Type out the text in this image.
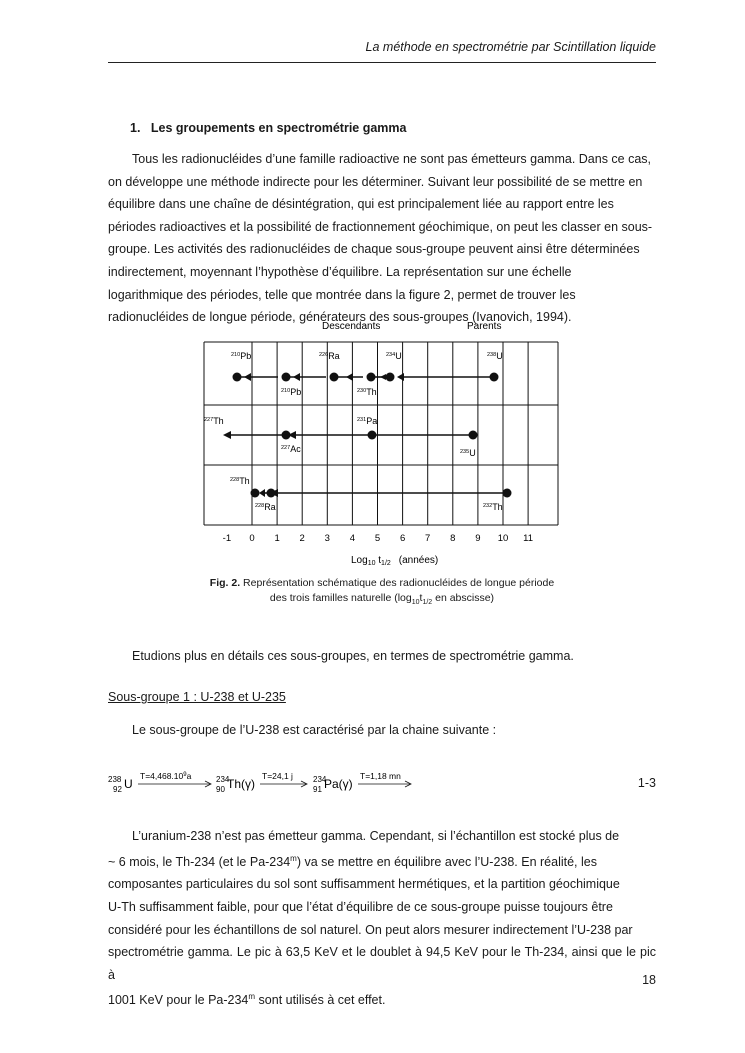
La méthode en spectrométrie par Scintillation liquide
1. Les groupements en spectrométrie gamma
Tous les radionucléides d’une famille radioactive ne sont pas émetteurs gamma. Dans ce cas,
on développe une méthode indirecte pour les déterminer. Suivant leur possibilité de se mettre en
équilibre dans une chaîne de désintégration, qui est principalement liée au rapport entre les
périodes radioactives et la possibilité de fractionnement géochimique, on peut les classer en sous-
groupe. Les activités des radionucléides de chaque sous-groupe peuvent ainsi être déterminées
indirectement, moyennant l’hypothèse d’équilibre. La représentation sur une échelle
logarithmique des périodes, telle que montrée dans la figure 2, permet de trouver les
radionucléides de longue période, générateurs des sous-groupes (Ivanovich, 1994).
Descendants	Parents
-1 0 1 2 3 4 5 6 7 8 9 10 11
Log$_{10}$ $t_{1/2}$ (années)
$^{210}$Pb	$^{226}$Ra	$^{234}$U	$^{238}$U
$^{210}$Pb	$^{230}$Th
$^{227}$Th	$^{231}$Pa
$^{227}$Ac	$^{235}$U
$^{228}$Th
$^{228}$Ra	$^{232}$Th
Fig. 2. Représentation schématique des radionucléides de longue période
des trois familles naturelle ($\log_{10}t_{1/2}$ en abscisse)
Etudions plus en détails ces sous-groupes, en termes de spectrométrie gamma.
Sous-groupe 1 : U-238 et U-235
Le sous-groupe de l’U-238 est caractérisé par la chaine suivante :
238
92 U
$T=4,468.10^9a$	234
90 Th(γ)
T=24,1 j	234
91 Pa(γ)
T=1,18 mn	1-3
L’uranium-238 n’est pas émetteur gamma. Cependant, si l’échantillon est stocké plus de
~ 6 mois, le Th-234 (et le Pa-234$^m$) va se mettre en équilibre avec l’U-238. En réalité, les
composantes particulaires du sol sont suffisamment hermétiques, et la partition géochimique
U-Th suffisamment faible, pour que l’état d’équilibre de ce sous-groupe puisse toujours être
considéré pour les échantillons de sol naturel. On peut alors mesurer indirectement l’U-238 par
spectrométrie gamma. Le pic à 63,5 KeV et le doublet à 94,5 KeV pour le Th-234, ainsi que le pic à
1001 KeV pour le Pa-234$^m$ sont utilisés à cet effet.
18
